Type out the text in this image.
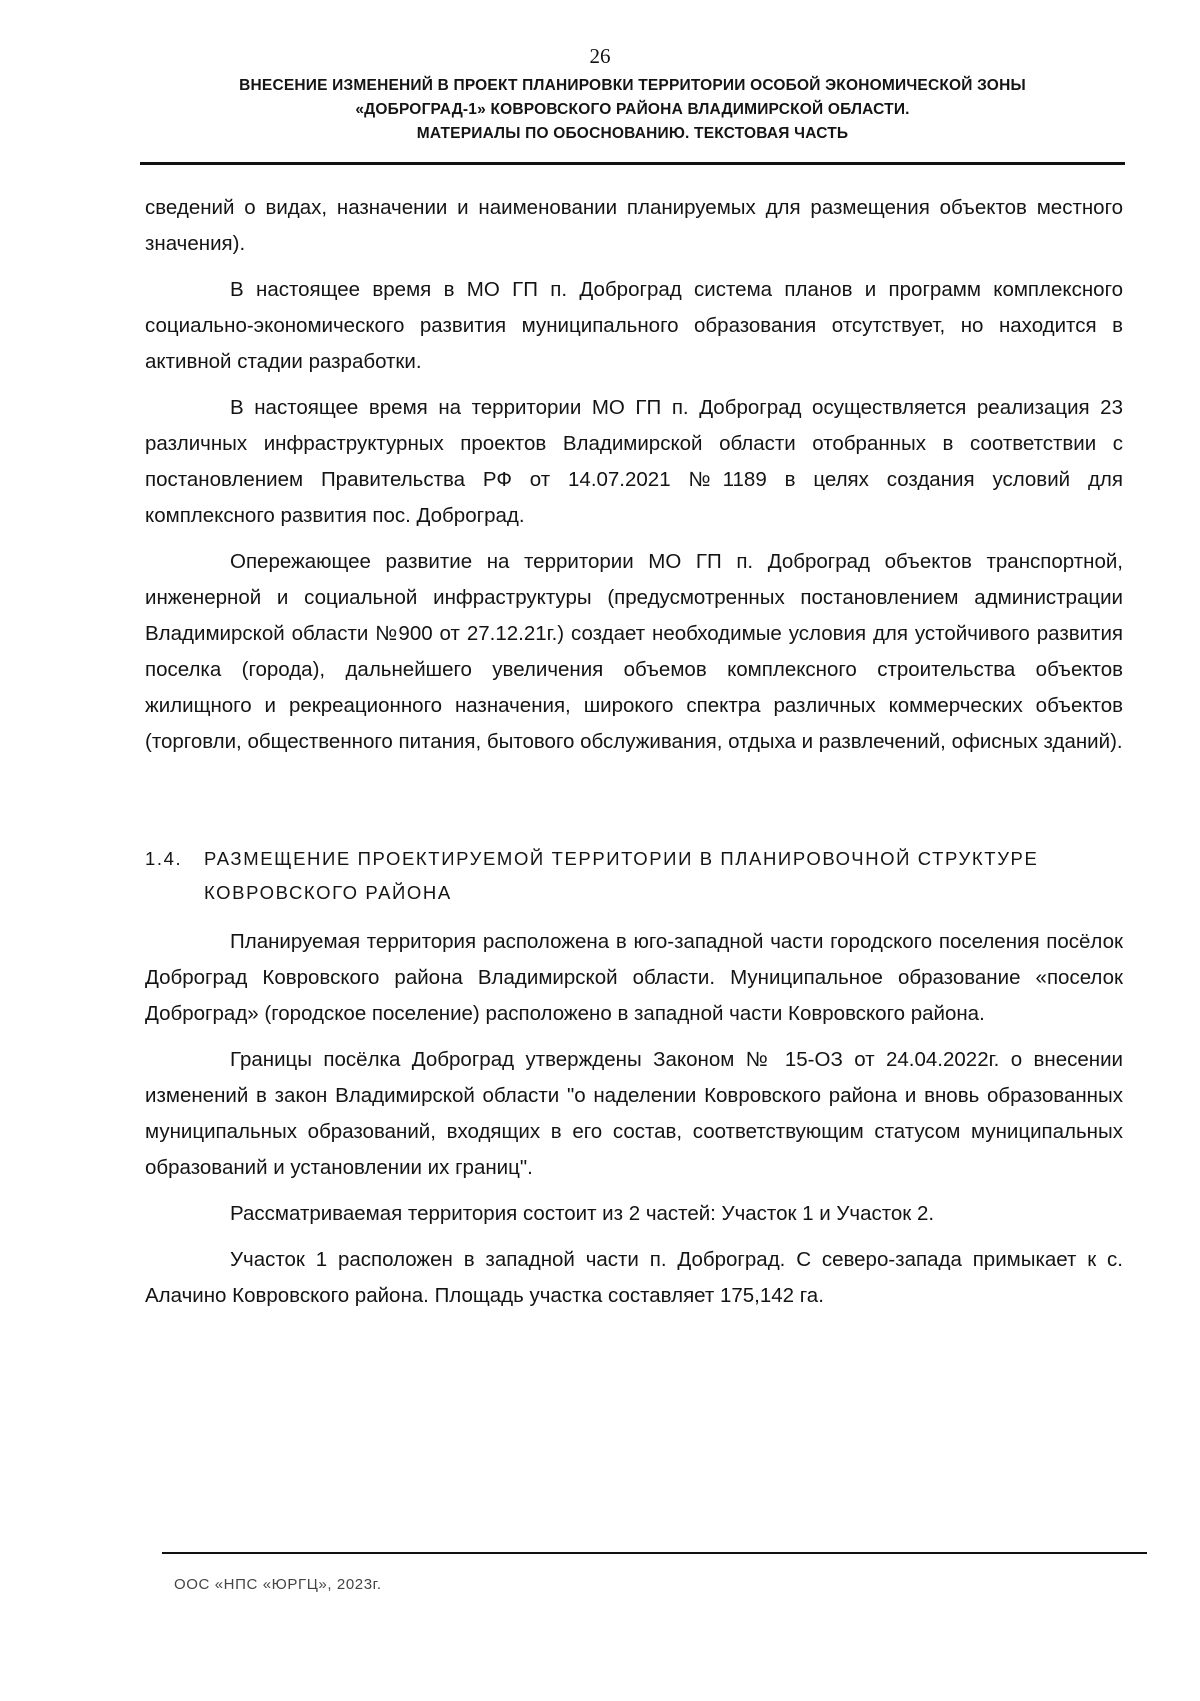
26
ВНЕСЕНИЕ ИЗМЕНЕНИЙ В ПРОЕКТ ПЛАНИРОВКИ ТЕРРИТОРИИ ОСОБОЙ ЭКОНОМИЧЕСКОЙ ЗОНЫ
«ДОБРОГРАД-1» КОВРОВСКОГО РАЙОНА ВЛАДИМИРСКОЙ ОБЛАСТИ.
МАТЕРИАЛЫ ПО ОБОСНОВАНИЮ. ТЕКСТОВАЯ ЧАСТЬ

сведений о видах, назначении и наименовании планируемых для размещения объектов местного значения).

В настоящее время в МО ГП п. Доброград система планов и программ комплексного социально-экономического развития муниципального образования отсутствует, но находится в активной стадии разработки.

В настоящее время на территории МО ГП п. Доброград осуществляется реализация 23 различных инфраструктурных проектов Владимирской области отобранных в соответствии с постановлением Правительства РФ от 14.07.2021 №1189 в целях создания условий для комплексного развития пос. Доброград.

Опережающее развитие на территории МО ГП п. Доброград объектов транспортной, инженерной и социальной инфраструктуры (предусмотренных постановлением администрации Владимирской области №900 от 27.12.21г.) создает необходимые условия для устойчивого развития поселка (города), дальнейшего увеличения объемов комплексного строительства объектов жилищного и рекреационного назначения, широкого спектра различных коммерческих объектов (торговли, общественного питания, бытового обслуживания, отдыха и развлечений, офисных зданий).

1.4.	РАЗМЕЩЕНИЕ ПРОЕКТИРУЕМОЙ ТЕРРИТОРИИ В ПЛАНИРОВОЧНОЙ СТРУКТУРЕ КОВРОВСКОГО РАЙОНА

Планируемая территория расположена в юго-западной части городского поселения посёлок Доброград Ковровского района Владимирской области. Муниципальное образование «поселок Доброград» (городское поселение) расположено в западной части Ковровского района.

Границы посёлка Доброград утверждены Законом № 15-ОЗ от 24.04.2022г. о внесении изменений в закон Владимирской области "о наделении Ковровского района и вновь образованных муниципальных образований, входящих в его состав, соответствующим статусом муниципальных образований и установлении их границ".

Рассматриваемая территория состоит из 2 частей: Участок 1 и Участок 2.

Участок 1 расположен в западной части п. Доброград. С северо-запада примыкает к с. Алачино Ковровского района. Площадь участка составляет 175,142 га.

ООС «НПС «ЮРГЦ», 2023г.
